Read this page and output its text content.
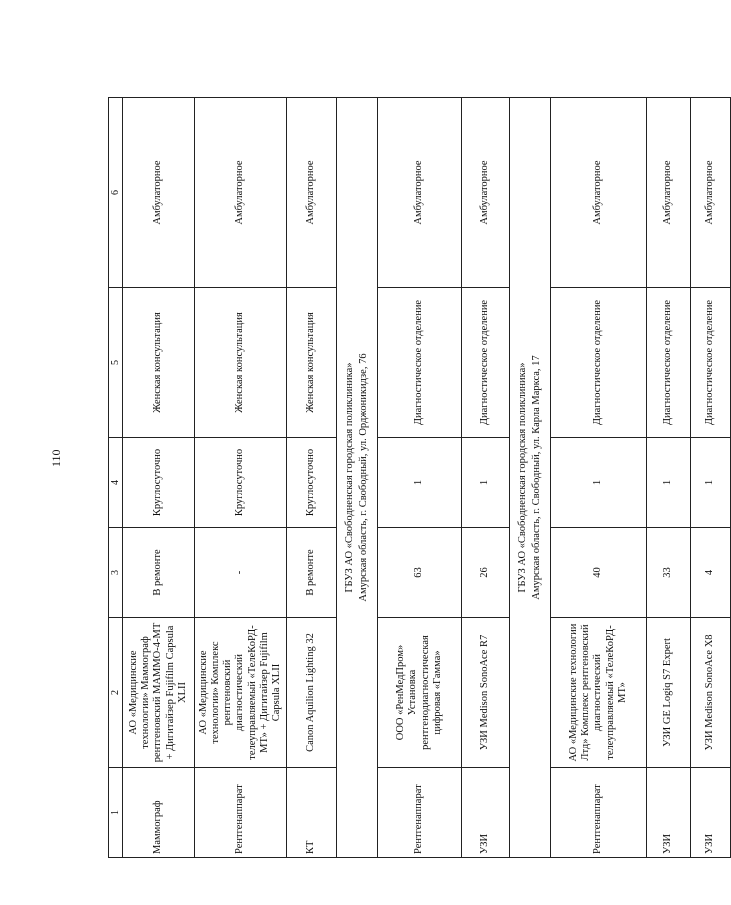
110
1	2	3	4	5	6
Маммограф	АО «Медицинские технологии» Маммограф рентгеновский МАММО-4-МТ + Дигитайзер Fujifilm Capsula XLII	В ремонте	Круглосуточно	Женская консультация	Амбулаторное
Рентгенаппарат	АО «Медицинские технологии» Комплекс рентгеновский диагностический телеуправляемый «ТелеКоРД-МТ» + Дигитайзер Fujifilm Capsula XLII	-	Круглосуточно	Женская консультация	Амбулаторное
КТ	Canon Aquilion Lighting 32	В ремонте	Круглосуточно	Женская консультация	Амбулаторное

ГБУЗ АО «Свободненская городская поликлиника» Амурская область, г. Свободный, ул. Орджоникидзе, 76					

Рентгенаппарат	ООО «РенМедПром» Установка рентгенодиагностическая цифровая «Гамма»	63	1	Диагностическое отделение	Амбулаторное
УЗИ	УЗИ Medison SonoAce R7	26	1	Диагностическое отделение	Амбулаторное

ГБУЗ АО «Свободненская городская поликлиника» Амурская область, г. Свободный, ул. Карла Маркса, 17					

Рентгенаппарат	АО «Медицинские технологии Лтд» Комплекс рентгеновский диагностический телеуправляемый «ТелеКоРД-МТ»	40	1	Диагностическое отделение	Амбулаторное
УЗИ	УЗИ GE Logiq S7 Expert	33	1	Диагностическое отделение	Амбулаторное
УЗИ	УЗИ Medison SonoAce X8	4	1	Диагностическое отделение	Амбулаторное
